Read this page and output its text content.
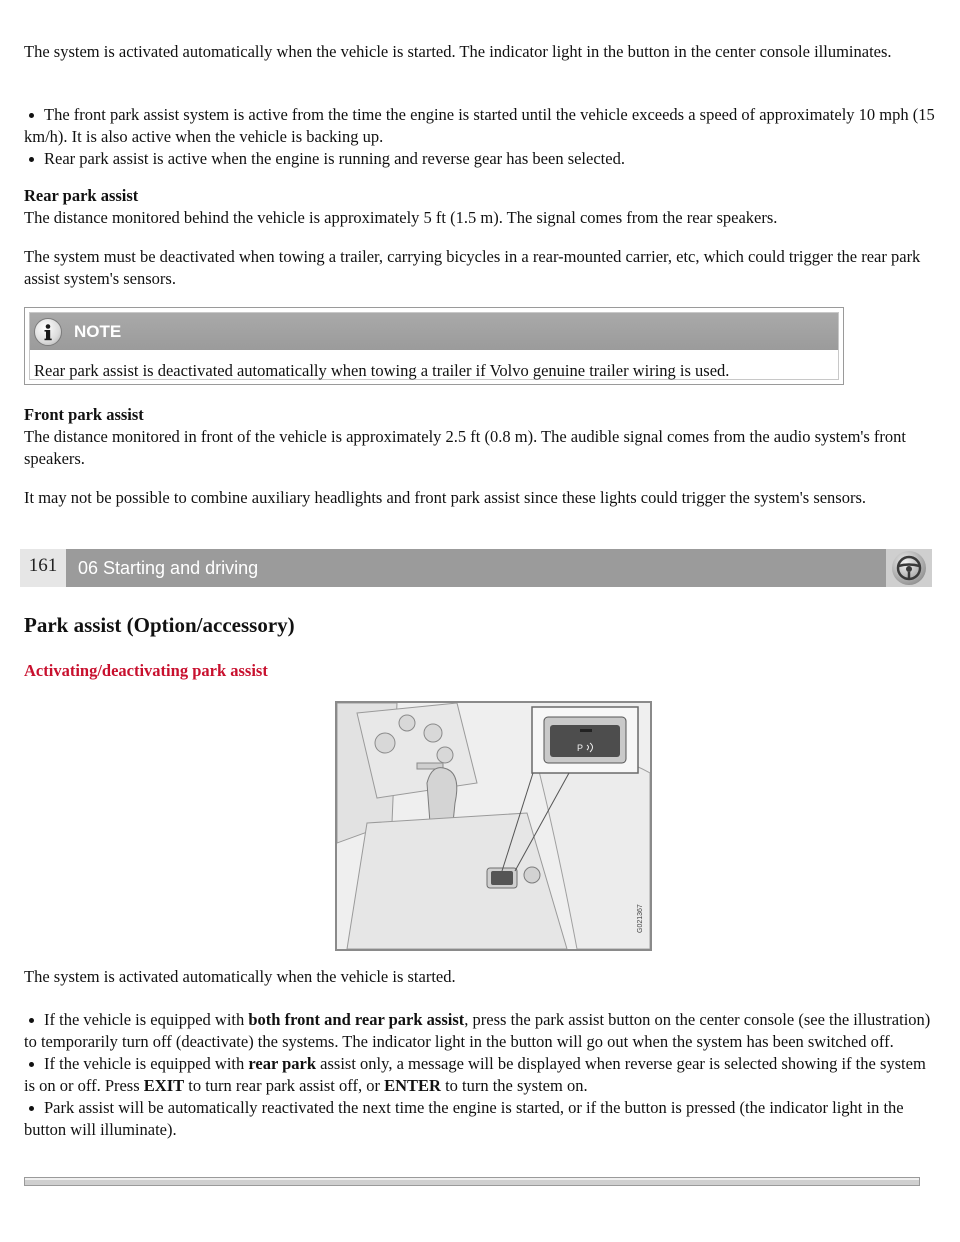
The system is activated automatically when the vehicle is started. The indicator light in the button in the center console illuminates.

The front park assist system is active from the time the engine is started until the vehicle exceeds a speed of approximately 10 mph (15 km/h). It is also active when the vehicle is backing up.
Rear park assist is active when the engine is running and reverse gear has been selected.

Rear park assist

The distance monitored behind the vehicle is approximately 5 ft (1.5 m). The signal comes from the rear speakers.

The system must be deactivated when towing a trailer, carrying bicycles in a rear-mounted carrier, etc, which could trigger the rear park assist system's sensors.

NOTE

Rear park assist is deactivated automatically when towing a trailer if Volvo genuine trailer wiring is used.

Front park assist

The distance monitored in front of the vehicle is approximately 2.5 ft (0.8 m). The audible signal comes from the audio system's front speakers.

It may not be possible to combine auxiliary headlights and front park assist since these lights could trigger the system's sensors.

161	06 Starting and driving
Park assist (Option/accessory)
Activating/deactivating park assist
P
G021367

The system is activated automatically when the vehicle is started.

If the vehicle is equipped with both front and rear park assist, press the park assist button on the center console (see the illustration) to temporarily turn off (deactivate) the systems. The indicator light in the button will go out when the system has been switched off.
If the vehicle is equipped with rear park assist only, a message will be displayed when reverse gear is selected showing if the system is on or off. Press EXIT to turn rear park assist off, or ENTER to turn the system on.
Park assist will be automatically reactivated the next time the engine is started, or if the button is pressed (the indicator light in the button will illuminate).
